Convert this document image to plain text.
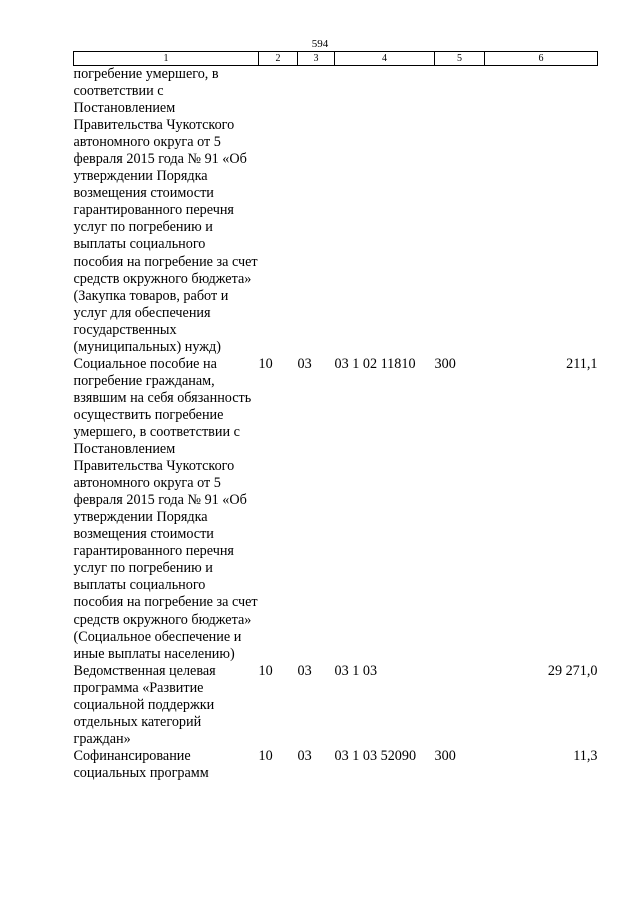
594
1	2	3	4	5	6
погребение умершего, в соответствии с Постановлением Правительства Чукотского автономного округа от 5 февраля 2015 года № 91 «Об утверждении Порядка возмещения стоимости гарантированного перечня услуг по погребению и выплаты социального пособия на погребение за счет средств окружного бюджета» (Закупка товаров, работ и услуг для обеспечения государственных (муниципальных) нужд)					
Социальное пособие на погребение гражданам, взявшим на себя обязанность осуществить погребение умершего, в соответствии с Постановлением Правительства Чукотского автономного округа от 5 февраля 2015 года № 91 «Об утверждении Порядка возмещения стоимости гарантированного перечня услуг по погребению и выплаты социального пособия на погребение за счет средств окружного бюджета» (Социальное обеспечение и иные выплаты населению)	10	03	03 1 02 11810	300	211,1
Ведомственная целевая программа «Развитие социальной поддержки отдельных категорий граждан»	10	03	03 1 03		29 271,0
Софинансирование социальных программ	10	03	03 1 03 52090	300	11,3
